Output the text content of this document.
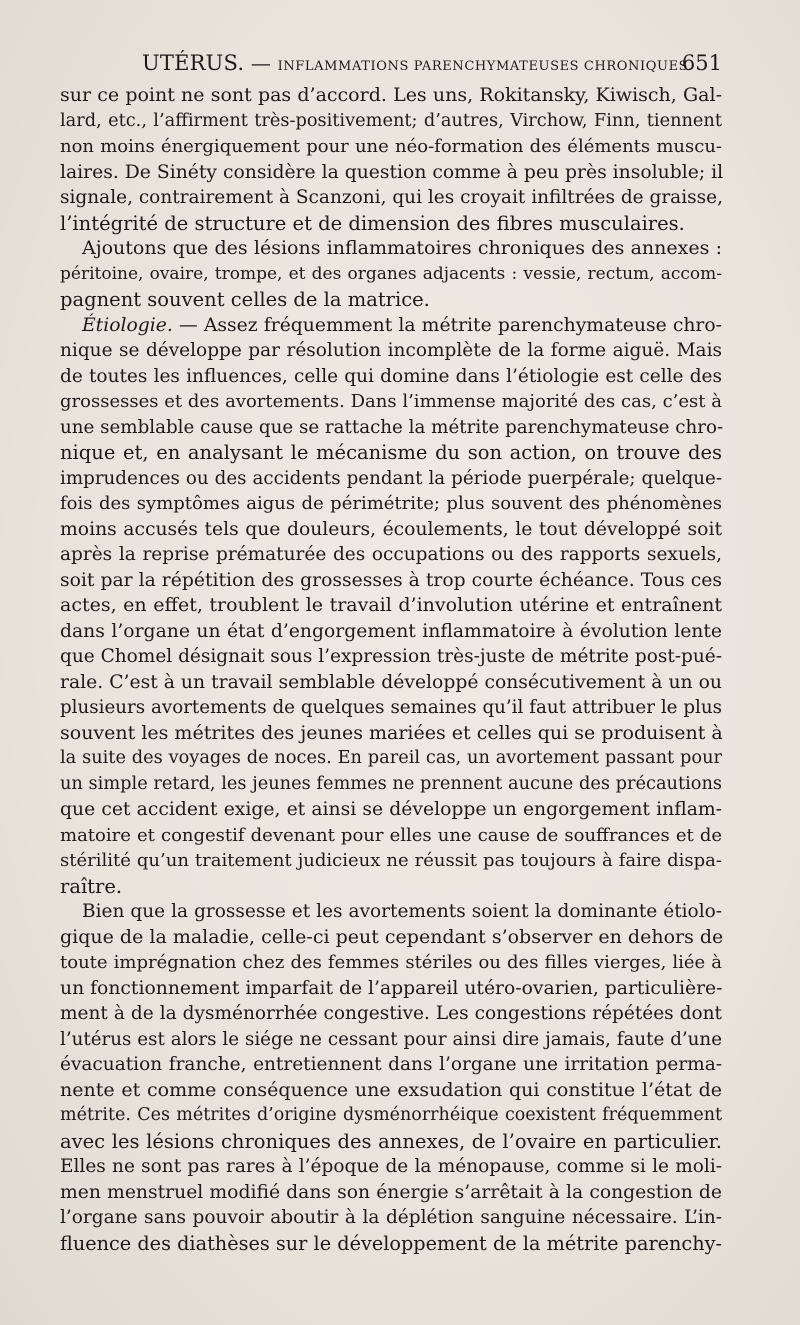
UTÉRUS. — INFLAMMATIONS PARENCHYMATEUSES CHRONIQUES.
651
sur ce point ne sont pas d’accord. Les uns, Rokitansky, Kiwisch, Gal-
lard, etc., l’affirment très-positivement; d’autres, Virchow, Finn, tiennent
non moins énergiquement pour une néo-formation des éléments muscu-
laires. De Sinéty considère la question comme à peu près insoluble; il
signale, contrairement à Scanzoni, qui les croyait infiltrées de graisse,
l’intégrité de structure et de dimension des fibres musculaires.
Ajoutons que des lésions inflammatoires chroniques des annexes :
péritoine, ovaire, trompe, et des organes adjacents : vessie, rectum, accom-
pagnent souvent celles de la matrice.
Étiologie. — Assez fréquemment la métrite parenchymateuse chro-
nique se développe par résolution incomplète de la forme aiguë. Mais
de toutes les influences, celle qui domine dans l’étiologie est celle des
grossesses et des avortements. Dans l’immense majorité des cas, c’est à
une semblable cause que se rattache la métrite parenchymateuse chro-
nique et, en analysant le mécanisme du son action, on trouve des
imprudences ou des accidents pendant la période puerpérale; quelque-
fois des symptômes aigus de périmétrite; plus souvent des phénomènes
moins accusés tels que douleurs, écoulements, le tout développé soit
après la reprise prématurée des occupations ou des rapports sexuels,
soit par la répétition des grossesses à trop courte échéance. Tous ces
actes, en effet, troublent le travail d’involution utérine et entraînent
dans l’organe un état d’engorgement inflammatoire à évolution lente
que Chomel désignait sous l’expression très-juste de métrite post-pué-
rale. C’est à un travail semblable développé consécutivement à un ou
plusieurs avortements de quelques semaines qu’il faut attribuer le plus
souvent les métrites des jeunes mariées et celles qui se produisent à
la suite des voyages de noces. En pareil cas, un avortement passant pour
un simple retard, les jeunes femmes ne prennent aucune des précautions
que cet accident exige, et ainsi se développe un engorgement inflam-
matoire et congestif devenant pour elles une cause de souffrances et de
stérilité qu’un traitement judicieux ne réussit pas toujours à faire dispa-
raître.
Bien que la grossesse et les avortements soient la dominante étiolo-
gique de la maladie, celle-ci peut cependant s’observer en dehors de
toute imprégnation chez des femmes stériles ou des filles vierges, liée à
un fonctionnement imparfait de l’appareil utéro-ovarien, particulière-
ment à de la dysménorrhée congestive. Les congestions répétées dont
l’utérus est alors le siége ne cessant pour ainsi dire jamais, faute d’une
évacuation franche, entretiennent dans l’organe une irritation perma-
nente et comme conséquence une exsudation qui constitue l’état de
métrite. Ces métrites d’origine dysménorrhéique coexistent fréquemment
avec les lésions chroniques des annexes, de l’ovaire en particulier.
Elles ne sont pas rares à l’époque de la ménopause, comme si le moli-
men menstruel modifié dans son énergie s’arrêtait à la congestion de
l’organe sans pouvoir aboutir à la déplétion sanguine nécessaire. L’in-
fluence des diathèses sur le développement de la métrite parenchy-
